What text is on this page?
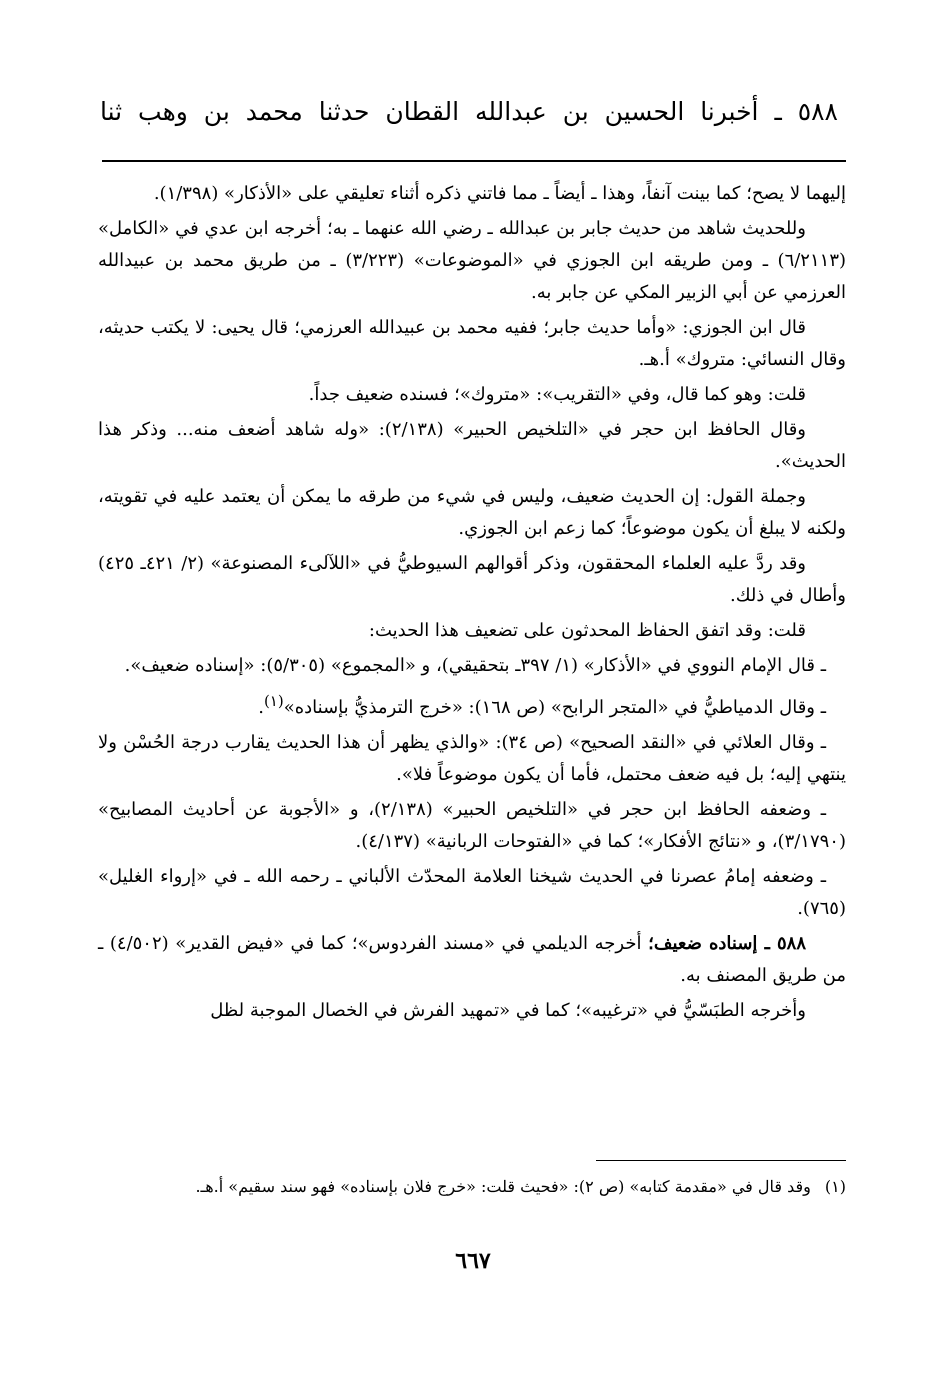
٥٨٨ ـ أخبرنا الحسين بن عبدالله القطان حدثنا محمد بن وهب ثنا

إليهما لا يصح؛ كما بينت آنفاً، وهذا ـ أيضاً ـ مما فاتني ذكره أثناء تعليقي على «الأذكار» (١/٣٩٨).

وللحديث شاهد من حديث جابر بن عبدالله ـ رضي الله عنهما ـ به؛ أخرجه ابن عدي في «الكامل» (٦/٢١١٣) ـ ومن طريقه ابن الجوزي في «الموضوعات» (٣/٢٢٣) ـ من طريق محمد بن عبيدالله العرزمي عن أبي الزبير المكي عن جابر به.

قال ابن الجوزي: «وأما حديث جابر؛ ففيه محمد بن عبيدالله العرزمي؛ قال يحيى: لا يكتب حديثه، وقال النسائي: متروك» أ.هـ.

قلت: وهو كما قال، وفي «التقريب»: «متروك»؛ فسنده ضعيف جداً.

وقال الحافظ ابن حجر في «التلخيص الحبير» (٢/١٣٨): «وله شاهد أضعف منه... وذكر هذا الحديث».

وجملة القول: إن الحديث ضعيف، وليس في شيء من طرقه ما يمكن أن يعتمد عليه في تقويته، ولكنه لا يبلغ أن يكون موضوعاً؛ كما زعم ابن الجوزي.

وقد ردَّ عليه العلماء المحققون، وذكر أقوالهم السيوطيُّ في «اللآلىء المصنوعة» (٢/ ٤٢١ـ ٤٢٥) وأطال في ذلك.

قلت: وقد اتفق الحفاظ المحدثون على تضعيف هذا الحديث:

ـ قال الإمام النووي في «الأذكار» (١/ ٣٩٧ـ بتحقيقي)، و «المجموع» (٥/٣٠٥): «إسناده ضعيف».

ـ وقال الدمياطيُّ في «المتجر الرابح» (ص ١٦٨): «خرج الترمذيُّ بإسناده»$^{(١)}$.

ـ وقال العلائي في «النقد الصحيح» (ص ٣٤): «والذي يظهر أن هذا الحديث يقارب درجة الحُسْن ولا ينتهي إليه؛ بل فيه ضعف محتمل، فأما أن يكون موضوعاً فلا».

ـ وضعفه الحافظ ابن حجر في «التلخيص الحبير» (٢/١٣٨)، و «الأجوبة عن أحاديث المصابيح» (٣/١٧٩٠)، و «نتائج الأفكار»؛ كما في «الفتوحات الربانية» (٤/١٣٧).

ـ وضعفه إمامُ عصرنا في الحديث شيخنا العلامة المحدّث الألباني ـ رحمه الله ـ في «إرواء الغليل» (٧٦٥).

٥٨٨ ـ إسناده ضعيف؛ أخرجه الديلمي في «مسند الفردوس»؛ كما في «فيض القدير» (٤/٥٠٢) ـ من طريق المصنف به.

وأخرجه الطبَسّيُّ في «ترغيبه»؛ كما في «تمهيد الفرش في الخصال الموجبة لظل

(١)وقد قال في «مقدمة كتابه» (ص ٢): «فحيث قلت: «خرج فلان بإسناده» فهو سند سقيم» أ.هـ.
٦٦٧
